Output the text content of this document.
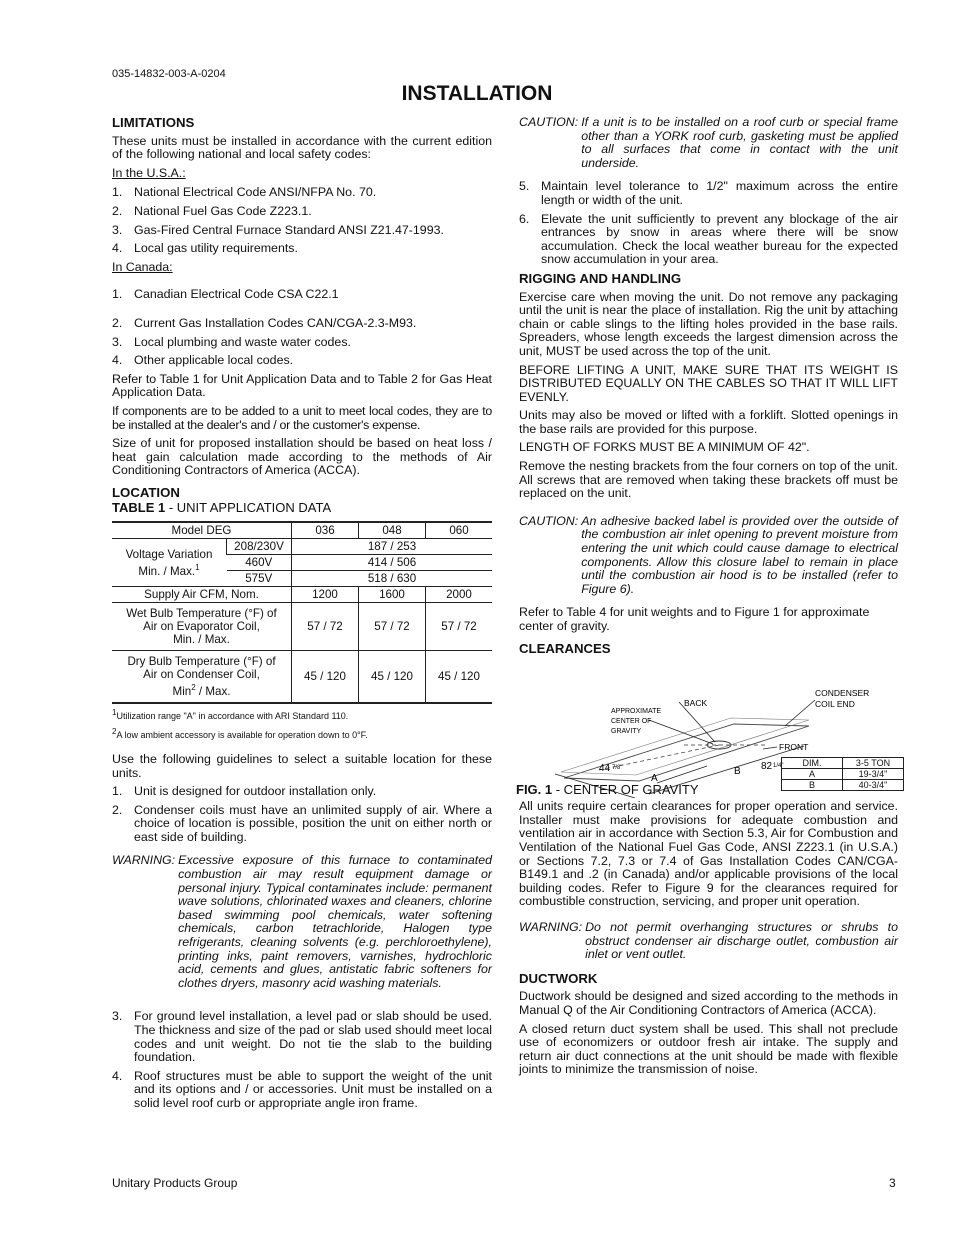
035-14832-003-A-0204
INSTALLATION
LIMITATIONS

These units must be installed in accordance with the current edition of the following national and local safety codes:

In the U.S.A.:

1. National Electrical Code ANSI/NFPA No. 70.
2. National Fuel Gas Code Z223.1.
3. Gas-Fired Central Furnace Standard ANSI Z21.47-1993.
4. Local gas utility requirements.

In Canada:

1. Canadian Electrical Code CSA C22.1
2. Current Gas Installation Codes CAN/CGA-2.3-M93.
3. Local plumbing and waste water codes.
4. Other applicable local codes.

Refer to Table 1 for Unit Application Data and to Table 2 for Gas Heat Application Data.

If components are to be added to a unit to meet local codes, they are to be installed at the dealer's and / or the customer's expense.

Size of unit for proposed installation should be based on heat loss / heat gain calculation made according to the methods of Air Conditioning Contractors of America (ACCA).

LOCATION

TABLE 1 - UNIT APPLICATION DATA

Model DEG		036	048	060
Voltage Variation
Min. / Max.$^1$	208/230V	187 / 253		
	460V	414 / 506		
	575V	518 / 630		
Supply Air CFM, Nom.		1200	1600	2000
Wet Bulb Temperature (°F) of
Air on Evaporator Coil,
Min. / Max.		57 / 72	57 / 72	57 / 72
Dry Bulb Temperature (°F) of
Air on Condenser Coil,
Min$^2$ / Max.		45 / 120	45 / 120	45 / 120

$^1$Utilization range "A" in accordance with ARI Standard 110.

$^2$A low ambient accessory is available for operation down to 0°F.

Use the following guidelines to select a suitable location for these units.

1. Unit is designed for outdoor installation only.
2. Condenser coils must have an unlimited supply of air. Where a choice of location is possible, position the unit on either north or east side of building.
WARNING: Excessive exposure of this furnace to contaminated combustion air may result equipment damage or personal injury. Typical contaminates include: permanent wave solutions, chlorinated waxes and cleaners, chlorine based swimming pool chemicals, water softening chemicals, carbon tetrachloride, Halogen type refrigerants, cleaning solvents (e.g. perchloroethylene), printing inks, paint removers, varnishes, hydrochloric acid, cements and glues, antistatic fabric softeners for clothes dryers, masonry acid washing materials.
3. For ground level installation, a level pad or slab should be used. The thickness and size of the pad or slab used should meet local codes and unit weight. Do not tie the slab to the building foundation.
4. Roof structures must be able to support the weight of the unit and its options and / or accessories. Unit must be installed on a solid level roof curb or appropriate angle iron frame.
CAUTION: If a unit is to be installed on a roof curb or special frame other than a YORK roof curb, gasketing must be applied to all surfaces that come in contact with the unit underside.
5. Maintain level tolerance to 1/2" maximum across the entire length or width of the unit.
6. Elevate the unit sufficiently to prevent any blockage of the air entrances by snow in areas where there will be snow accumulation. Check the local weather bureau for the expected snow accumulation in your area.
RIGGING AND HANDLING

Exercise care when moving the unit. Do not remove any packaging until the unit is near the place of installation. Rig the unit by attaching chain or cable slings to the lifting holes provided in the base rails. Spreaders, whose length exceeds the largest dimension across the unit, MUST be used across the top of the unit.

BEFORE LIFTING A UNIT, MAKE SURE THAT ITS WEIGHT IS DISTRIBUTED EQUALLY ON THE CABLES SO THAT IT WILL LIFT EVENLY.

Units may also be moved or lifted with a forklift. Slotted openings in the base rails are provided for this purpose.

LENGTH OF FORKS MUST BE A MINIMUM OF 42".

Remove the nesting brackets from the four corners on top of the unit. All screws that are removed when taking these brackets off must be replaced on the unit.

CAUTION: An adhesive backed label is provided over the outside of the combustion air inlet opening to prevent moisture from entering the unit which could cause damage to electrical components. Allow this closure label to remain in place until the combustion air hood is to be installed (refer to Figure 6).

Refer to Table 4 for unit weights and to Figure 1 for approximate center of gravity.

CLEARANCES
BACK
APPROXIMATE
CENTER OF
GRAVITY
CONDENSER
COIL END
FRONT
44 7/8"	82 1/4"
A
B
DIM.	3-5 TON
A	19-3/4"
B	40-3/4"
FIG. 1 - CENTER OF GRAVITY

All units require certain clearances for proper operation and service. Installer must make provisions for adequate combustion and ventilation air in accordance with Section 5.3, Air for Combustion and Ventilation of the National Fuel Gas Code, ANSI Z223.1 (in U.S.A.) or Sections 7.2, 7.3 or 7.4 of Gas Installation Codes CAN/CGA-B149.1 and .2 (in Canada) and/or applicable provisions of the local building codes. Refer to Figure 9 for the clearances required for combustible construction, servicing, and proper unit operation.

WARNING: Do not permit overhanging structures or shrubs to obstruct condenser air discharge outlet, combustion air inlet or vent outlet.
DUCTWORK

Ductwork should be designed and sized according to the methods in Manual Q of the Air Conditioning Contractors of America (ACCA).

A closed return duct system shall be used. This shall not preclude use of economizers or outdoor fresh air intake. The supply and return air duct connections at the unit should be made with flexible joints to minimize the transmission of noise.

Unitary Products Group	3
